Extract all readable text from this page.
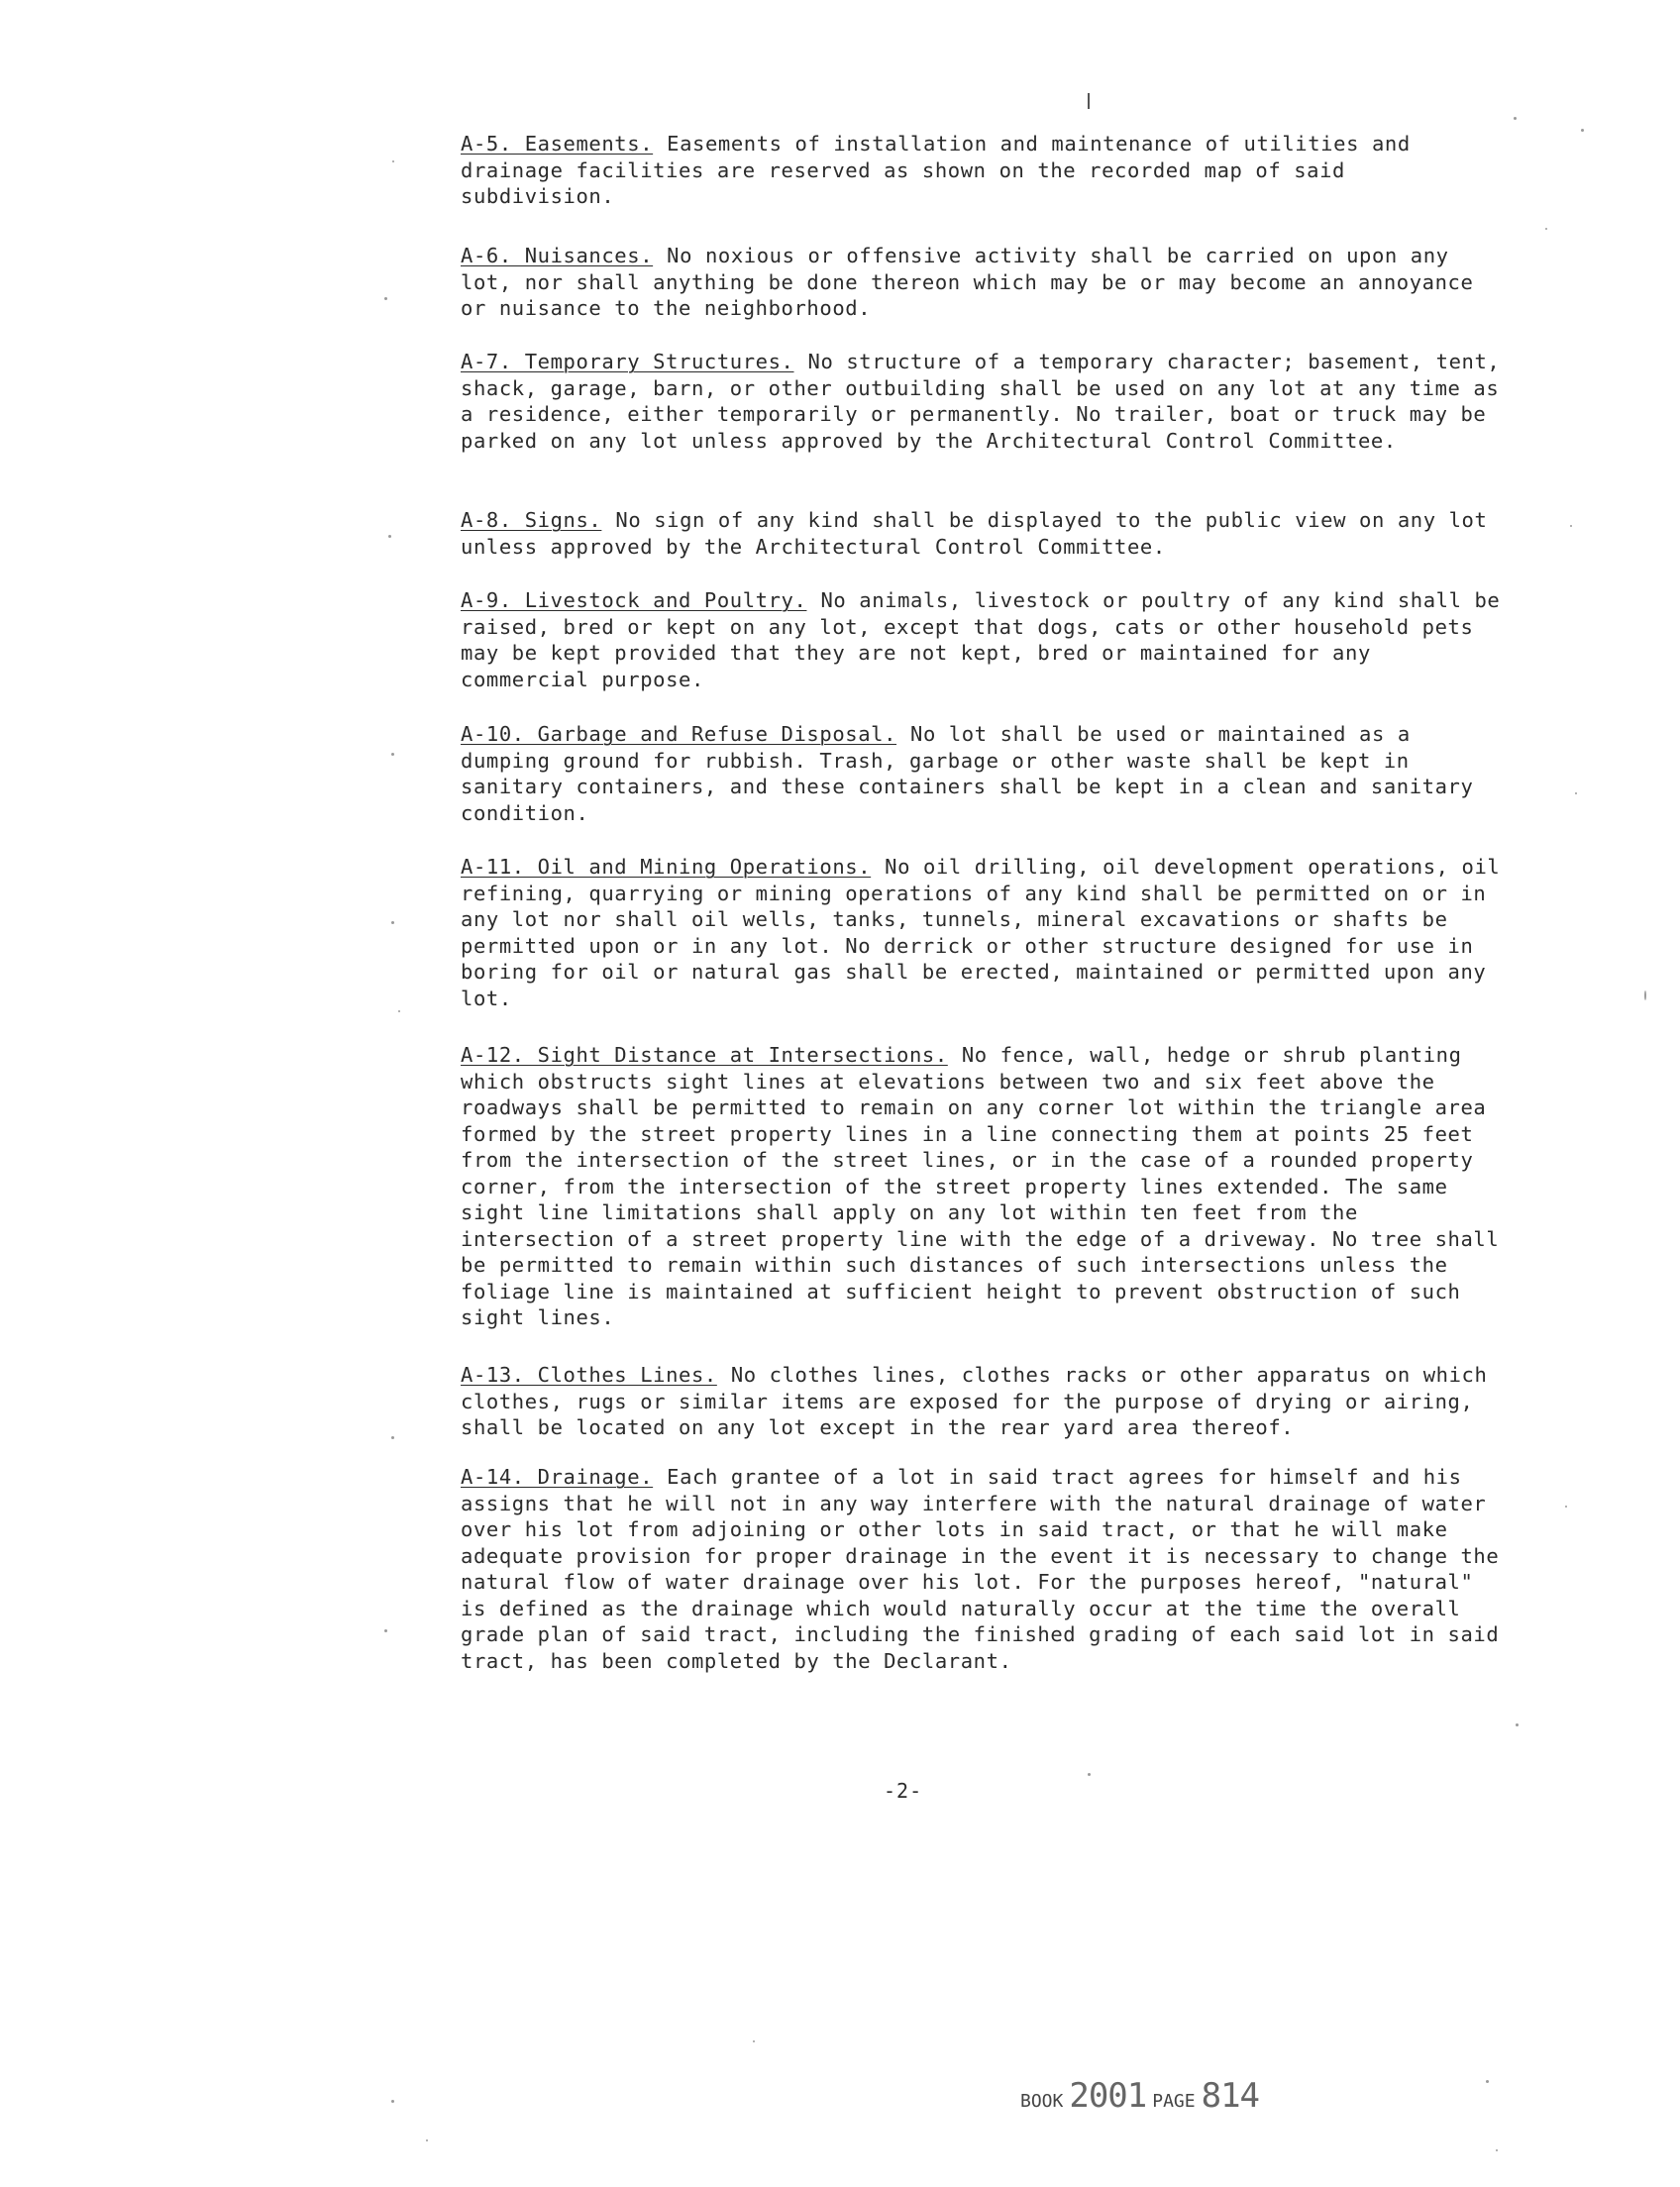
A-5. Easements. Easements of installation and maintenance of utilities and drainage facilities are reserved as shown on the recorded map of said subdivision.
A-6. Nuisances. No noxious or offensive activity shall be carried on upon any lot, nor shall anything be done thereon which may be or may become an annoyance or nuisance to the neighborhood.
A-7. Temporary Structures. No structure of a temporary character; basement, tent, shack, garage, barn, or other outbuilding shall be used on any lot at any time as a residence, either temporarily or permanently. No trailer, boat or truck may be parked on any lot unless approved by the Architectural Control Committee.
A-8. Signs. No sign of any kind shall be displayed to the public view on any lot unless approved by the Architectural Control Committee.
A-9. Livestock and Poultry. No animals, livestock or poultry of any kind shall be raised, bred or kept on any lot, except that dogs, cats or other household pets may be kept provided that they are not kept, bred or maintained for any commercial purpose.
A-10. Garbage and Refuse Disposal. No lot shall be used or maintained as a dumping ground for rubbish. Trash, garbage or other waste shall be kept in sanitary containers, and these containers shall be kept in a clean and sanitary condition.
A-11. Oil and Mining Operations. No oil drilling, oil development operations, oil refining, quarrying or mining operations of any kind shall be permitted on or in any lot nor shall oil wells, tanks, tunnels, mineral excavations or shafts be permitted upon or in any lot. No derrick or other structure designed for use in boring for oil or natural gas shall be erected, maintained or permitted upon any lot.
A-12. Sight Distance at Intersections. No fence, wall, hedge or shrub planting which obstructs sight lines at elevations between two and six feet above the roadways shall be permitted to remain on any corner lot within the triangle area formed by the street property lines in a line connecting them at points 25 feet from the intersection of the street lines, or in the case of a rounded property corner, from the intersection of the street property lines extended. The same sight line limitations shall apply on any lot within ten feet from the intersection of a street property line with the edge of a driveway. No tree shall be permitted to remain within such distances of such intersections unless the foliage line is maintained at sufficient height to prevent obstruction of such sight lines.
A-13. Clothes Lines. No clothes lines, clothes racks or other apparatus on which clothes, rugs or similar items are exposed for the purpose of drying or airing, shall be located on any lot except in the rear yard area thereof.
A-14. Drainage. Each grantee of a lot in said tract agrees for himself and his assigns that he will not in any way interfere with the natural drainage of water over his lot from adjoining or other lots in said tract, or that he will make adequate provision for proper drainage in the event it is necessary to change the natural flow of water drainage over his lot. For the purposes hereof, "natural" is defined as the drainage which would naturally occur at the time the overall grade plan of said tract, including the finished grading of each said lot in said tract, has been completed by the Declarant.
-2-
BOOK 2001 PAGE 814
